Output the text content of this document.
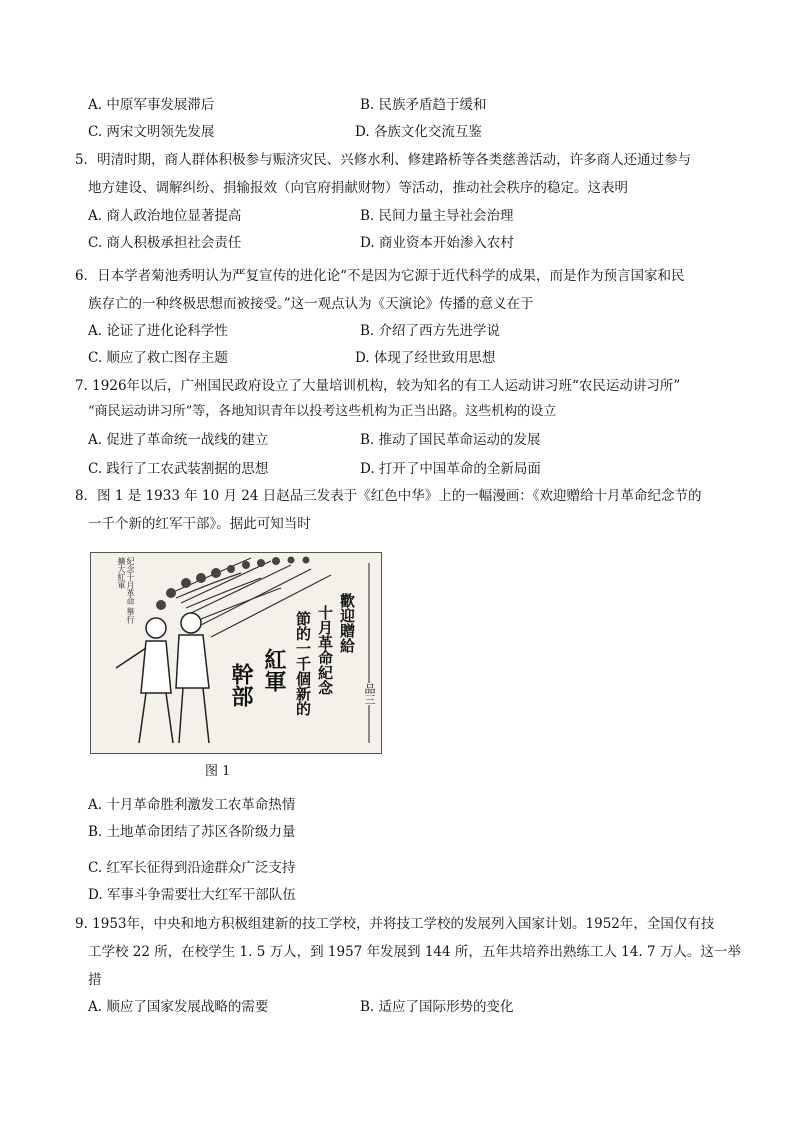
A. 中原军事发展滞后	B. 民族矛盾趋于缓和
C. 两宋文明领先发展	D. 各族文化交流互鉴
5．明清时期，商人群体积极参与赈济灾民、兴修水利、修建路桥等各类慈善活动，许多商人还通过参与
地方建设、调解纠纷、捐输报效（向官府捐献财物）等活动，推动社会秩序的稳定。这表明
A. 商人政治地位显著提高	B. 民间力量主导社会治理
C. 商人积极承担社会责任	D. 商业资本开始渗入农村
6．日本学者菊池秀明认为严复宣传的进化论“不是因为它源于近代科学的成果，而是作为预言国家和民
族存亡的一种终极思想而被接受。”这一观点认为《天演论》传播的意义在于
A. 论证了进化论科学性	B. 介绍了西方先进学说
C. 顺应了救亡图存主题	D. 体现了经世致用思想
7. 1926年以后，广州国民政府设立了大量培训机构，较为知名的有工人运动讲习班“农民运动讲习所”
“商民运动讲习所”等，各地知识青年以投考这些机构为正当出路。这些机构的设立
A. 促进了革命统一战线的建立	B. 推动了国民革命运动的发展
C. 践行了工农武装割据的思想	D. 打开了中国革命的全新局面
8．图 1 是 1933 年 10 月 24 日赵品三发表于《红色中华》上的一幅漫画：《欢迎赠给十月革命纪念节的
一千个新的红军干部》。据此可知当时
紀念十月革命 舉行擴大紅軍
歡迎贈給
十月革命紀念
節的一千個新的
紅軍
幹部	品三
图 1
A. 十月革命胜利激发工农革命热情
B. 土地革命团结了苏区各阶级力量
C. 红军长征得到沿途群众广泛支持
D. 军事斗争需要壮大红军干部队伍
9. 1953年，中央和地方积极组建新的技工学校，并将技工学校的发展列入国家计划。1952年，全国仅有技
工学校 22 所，在校学生 1. 5 万人，到 1957 年发展到 144 所，五年共培养出熟练工人 14. 7 万人。这一举
措
A. 顺应了国家发展战略的需要	B. 适应了国际形势的变化
